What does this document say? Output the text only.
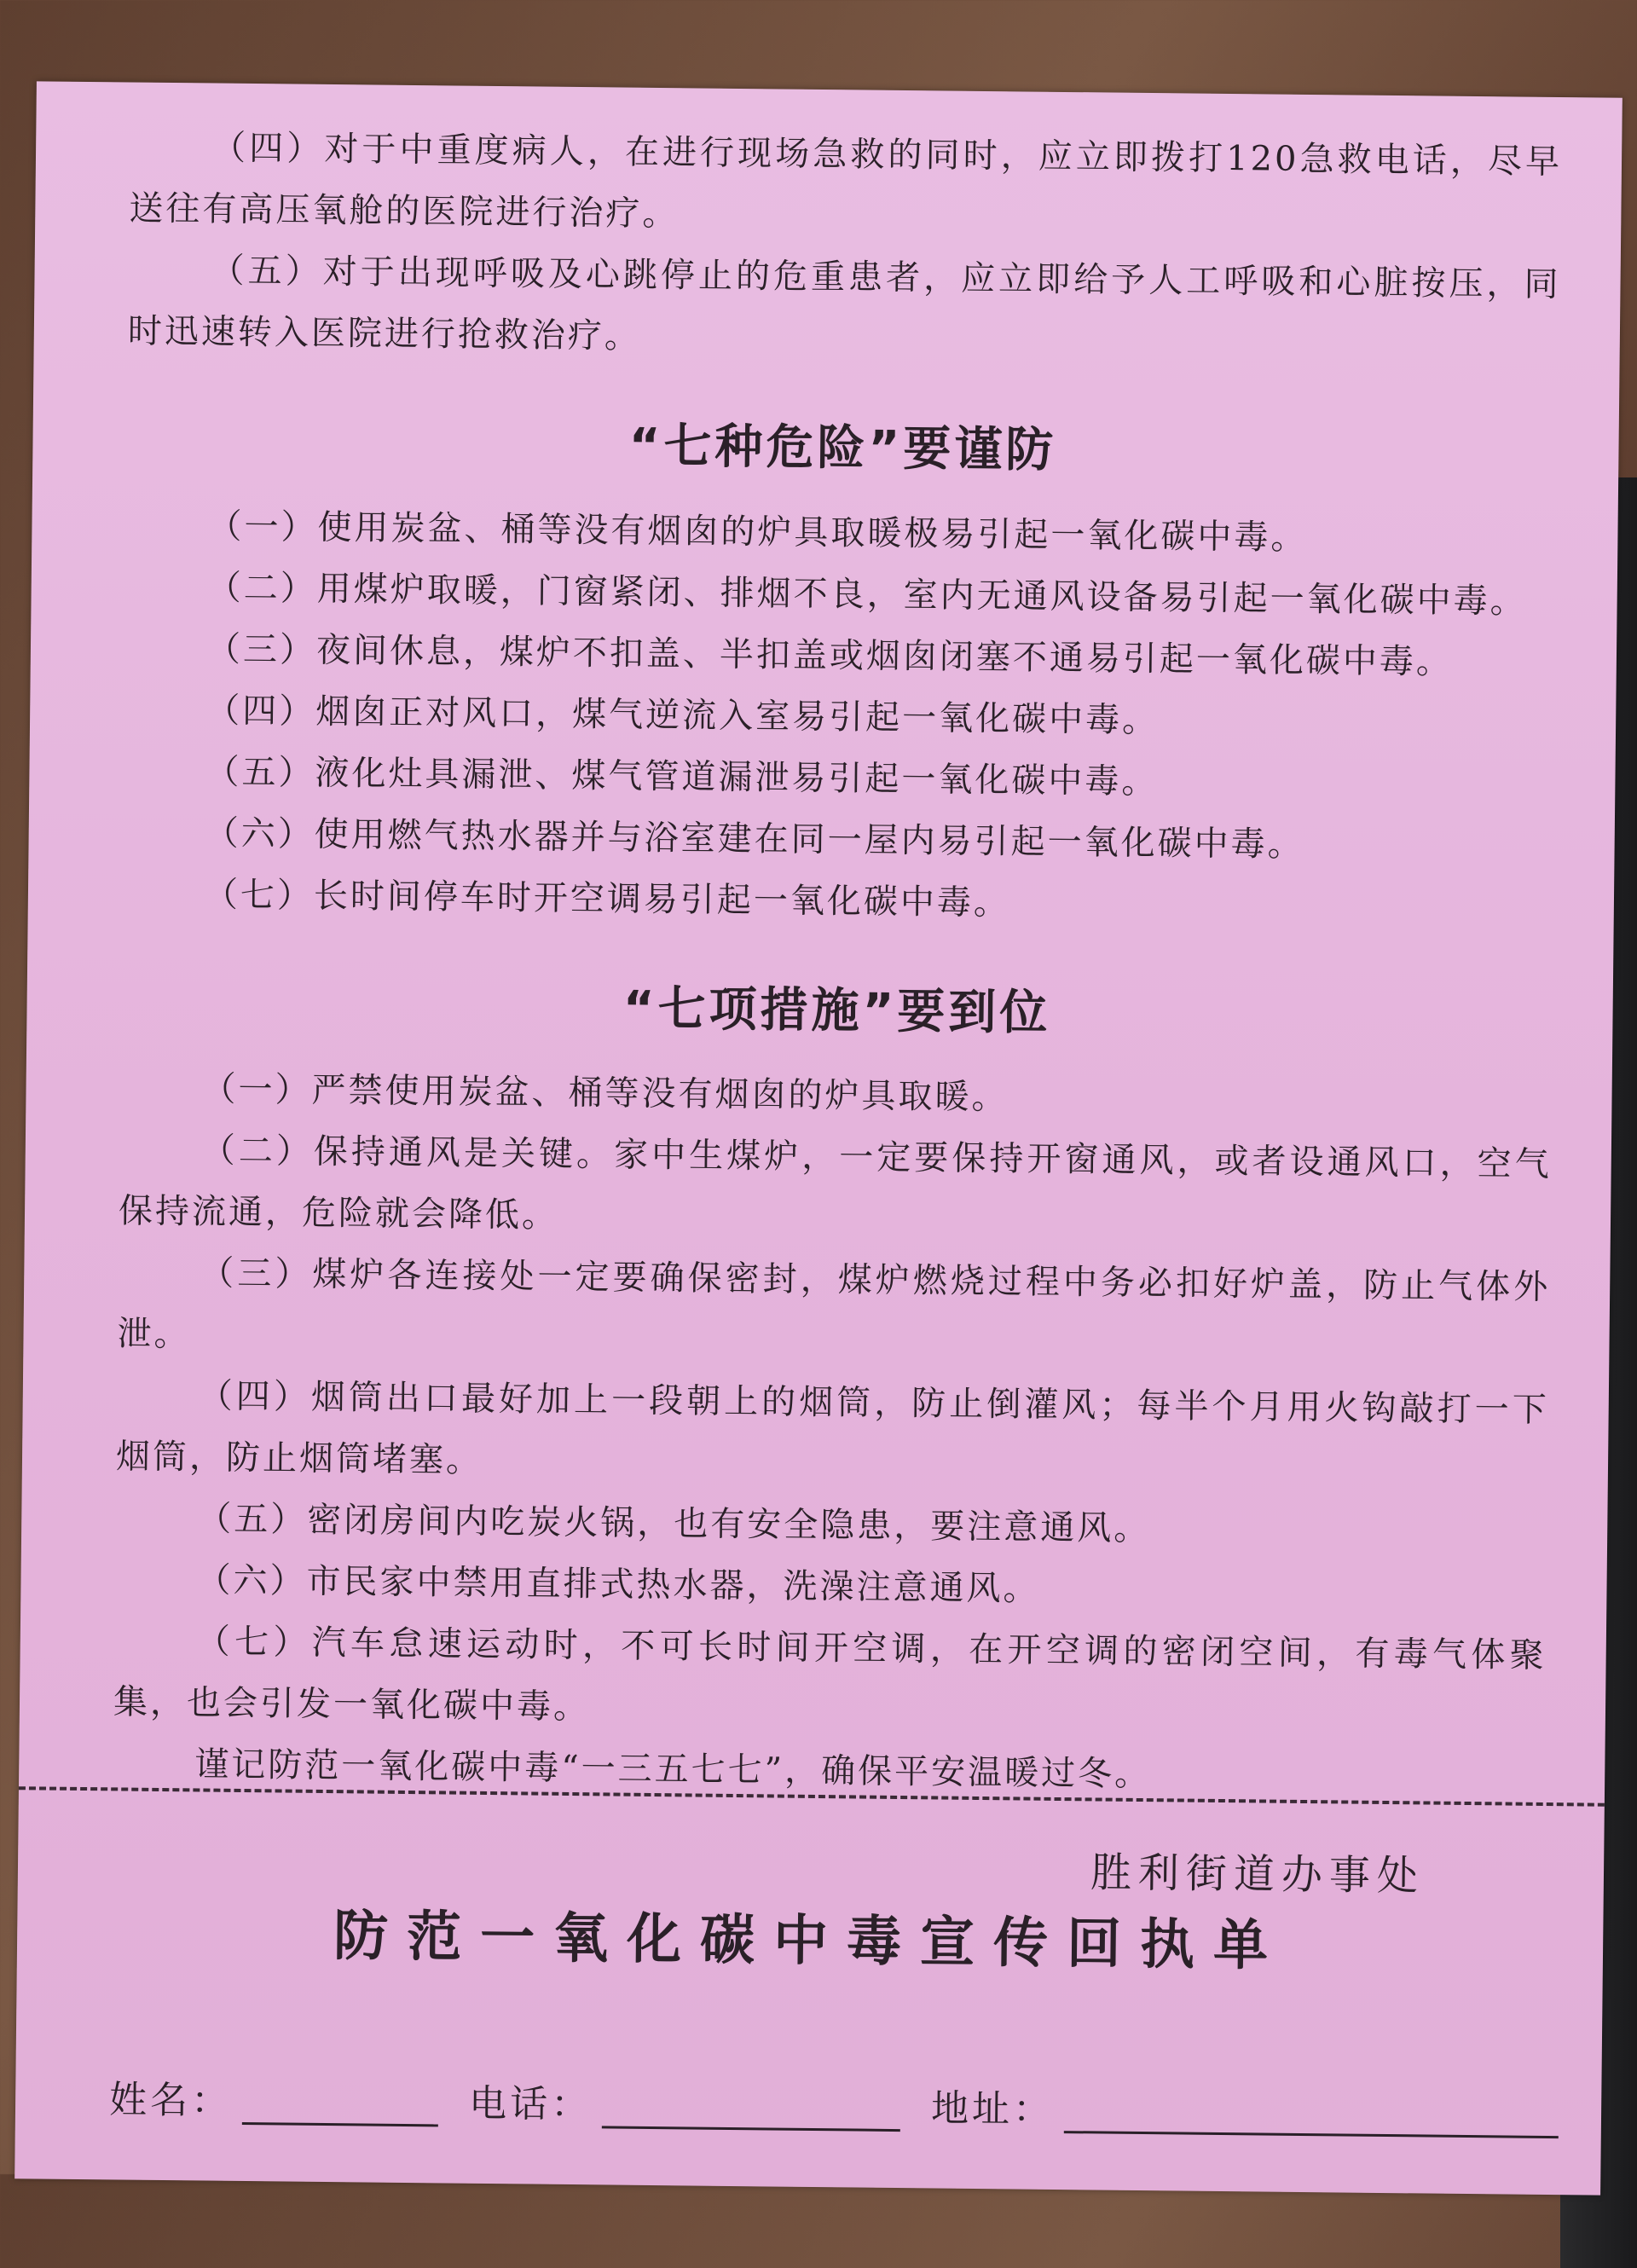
（四）对于中重度病人，在进行现场急救的同时，应立即拨打120急救电话，尽早送往有高压氧舱的医院进行治疗。

（五）对于出现呼吸及心跳停止的危重患者，应立即给予人工呼吸和心脏按压，同时迅速转入医院进行抢救治疗。

“七种危险”要谨防

（一）使用炭盆、桶等没有烟囱的炉具取暖极易引起一氧化碳中毒。

（二）用煤炉取暖，门窗紧闭、排烟不良，室内无通风设备易引起一氧化碳中毒。

（三）夜间休息，煤炉不扣盖、半扣盖或烟囱闭塞不通易引起一氧化碳中毒。

（四）烟囱正对风口，煤气逆流入室易引起一氧化碳中毒。

（五）液化灶具漏泄、煤气管道漏泄易引起一氧化碳中毒。

（六）使用燃气热水器并与浴室建在同一屋内易引起一氧化碳中毒。

（七）长时间停车时开空调易引起一氧化碳中毒。

“七项措施”要到位

（一）严禁使用炭盆、桶等没有烟囱的炉具取暖。

（二）保持通风是关键。家中生煤炉，一定要保持开窗通风，或者设通风口，空气保持流通，危险就会降低。

（三）煤炉各连接处一定要确保密封，煤炉燃烧过程中务必扣好炉盖，防止气体外泄。

（四）烟筒出口最好加上一段朝上的烟筒，防止倒灌风；每半个月用火钩敲打一下烟筒，防止烟筒堵塞。

（五）密闭房间内吃炭火锅，也有安全隐患，要注意通风。

（六）市民家中禁用直排式热水器，洗澡注意通风。

（七）汽车怠速运动时，不可长时间开空调，在开空调的密闭空间，有毒气体聚集，也会引发一氧化碳中毒。

谨记防范一氧化碳中毒“一三五七七”，确保平安温暖过冬。

胜利街道办事处
防范一氧化碳中毒宣传回执单
姓名：	电话：	地址：
